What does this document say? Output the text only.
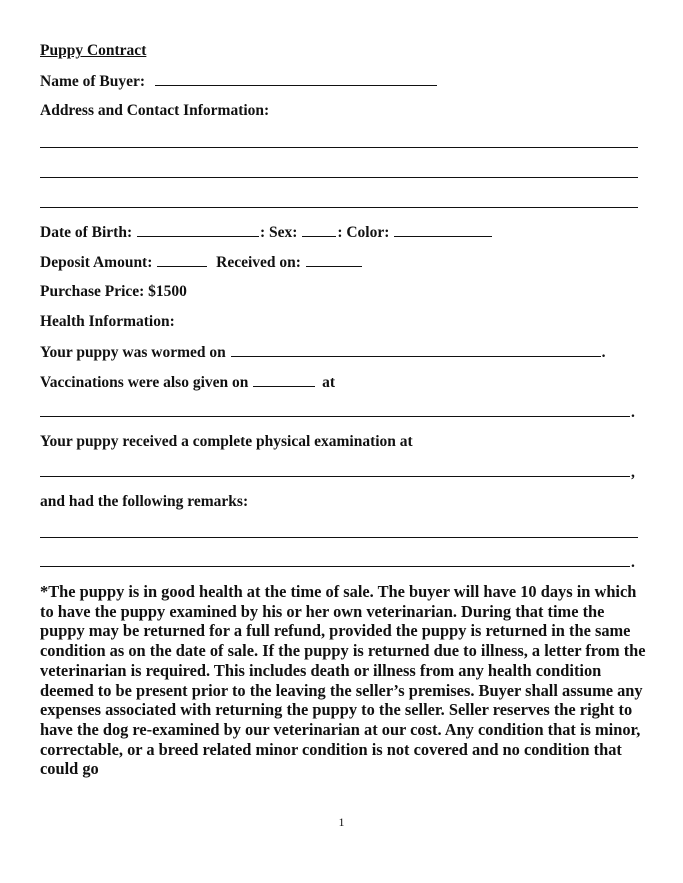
Puppy Contract
Name of Buyer:
Address and Contact Information:
Date of Birth:	: Sex:	: Color:
Deposit Amount:	Received on:
Purchase Price: $1500
Health Information:
Your puppy was wormed on	.
Vaccinations were also given on	at
.
Your puppy received a complete physical examination at
,
and had the following remarks:
.
*The puppy is in good health at the time of sale. The buyer will have 10 days in which to have the puppy examined by his or her own veterinarian. During that time the puppy may be returned for a full refund, provided the puppy is returned in the same condition as on the date of sale. If the puppy is returned due to illness, a letter from the veterinarian is required. This includes death or illness from any health condition deemed to be present prior to the leaving the seller’s premises. Buyer shall assume any expenses associated with returning the puppy to the seller. Seller reserves the right to have the dog re-examined by our veterinarian at our cost. Any condition that is minor, correctable, or a breed related minor condition is not covered and no condition that could go
1
